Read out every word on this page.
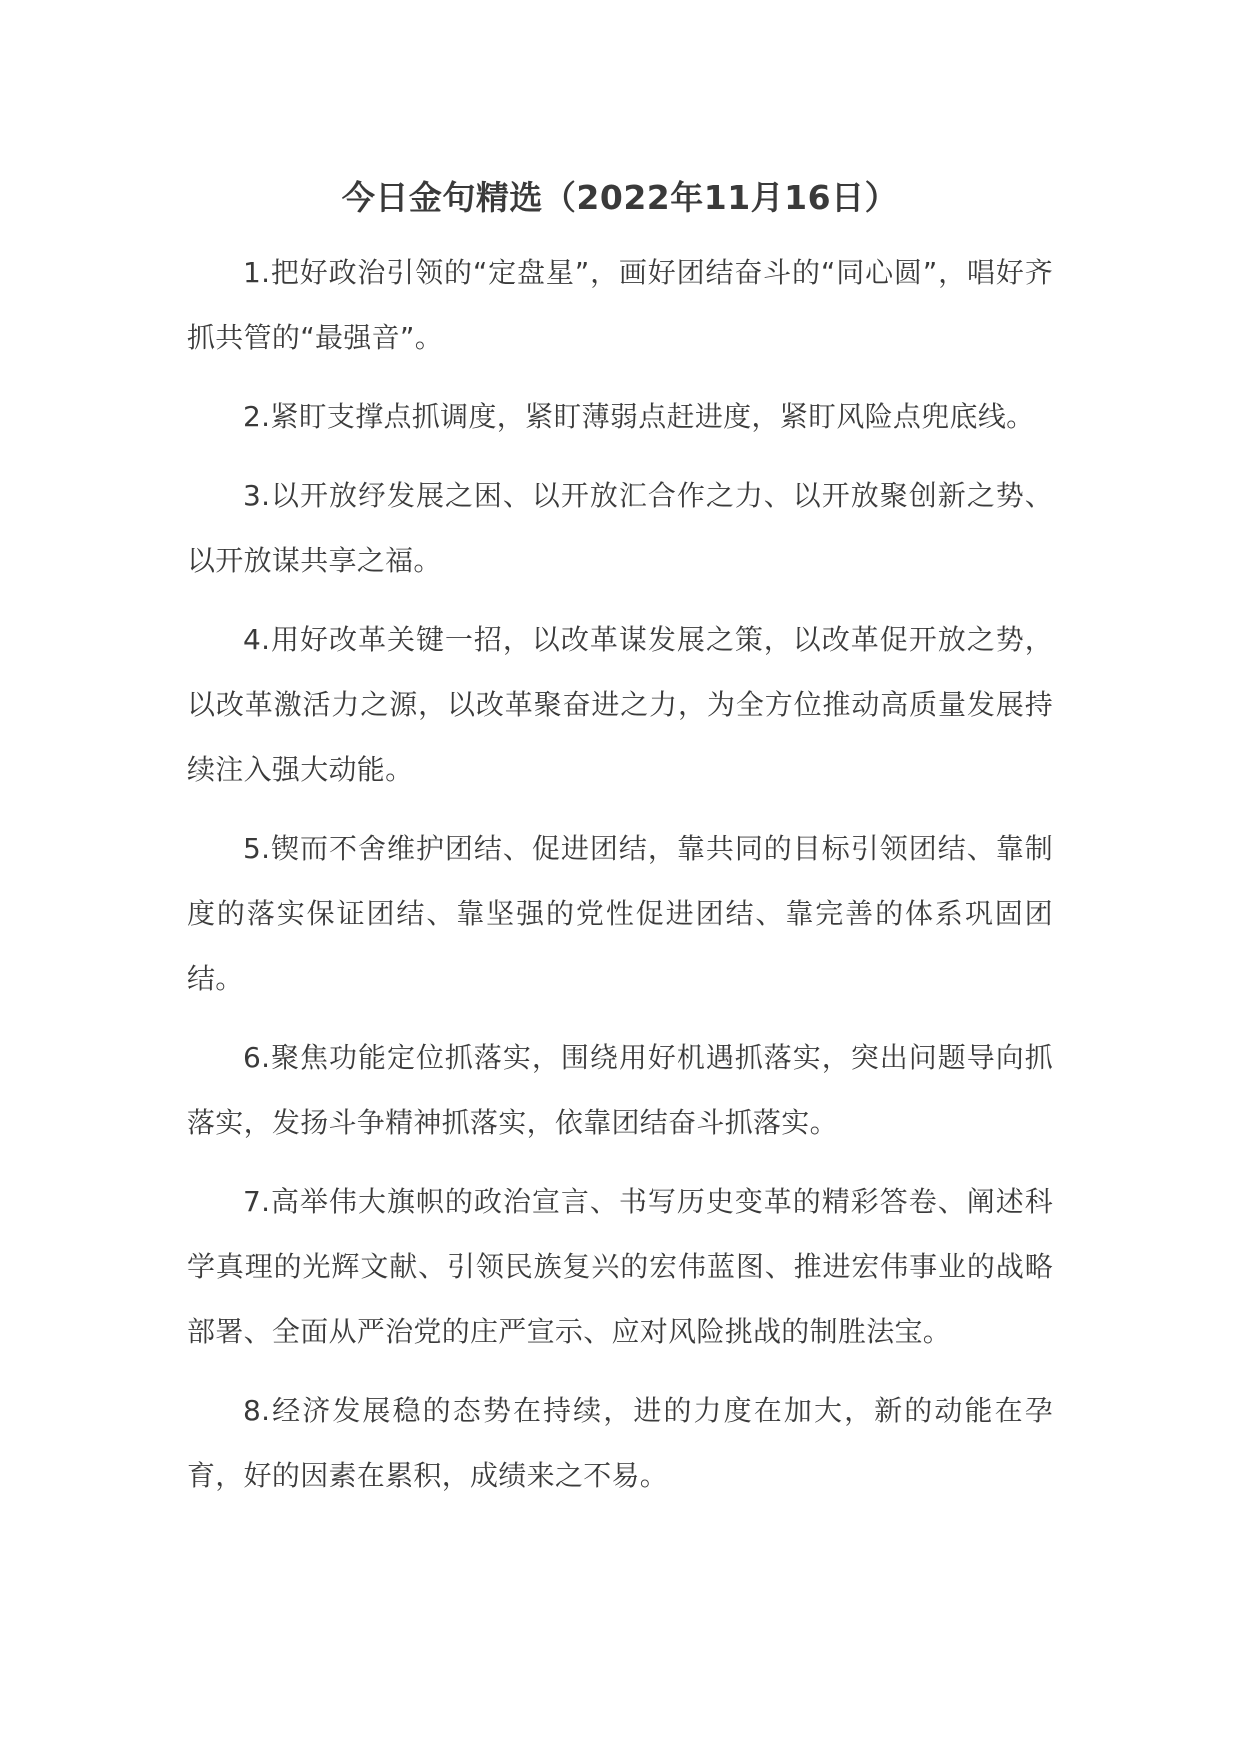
今日金句精选（2022年11月16日）

1.把好政治引领的“定盘星”，画好团结奋斗的“同心圆”，唱好齐抓共管的“最强音”。

2.紧盯支撑点抓调度，紧盯薄弱点赶进度，紧盯风险点兜底线。

3.以开放纾发展之困、以开放汇合作之力、以开放聚创新之势、以开放谋共享之福。

4.用好改革关键一招，以改革谋发展之策，以改革促开放之势，以改革激活力之源，以改革聚奋进之力，为全方位推动高质量发展持续注入强大动能。

5.锲而不舍维护团结、促进团结，靠共同的目标引领团结、靠制度的落实保证团结、靠坚强的党性促进团结、靠完善的体系巩固团结。

6.聚焦功能定位抓落实，围绕用好机遇抓落实，突出问题导向抓落实，发扬斗争精神抓落实，依靠团结奋斗抓落实。

7.高举伟大旗帜的政治宣言、书写历史变革的精彩答卷、阐述科学真理的光辉文献、引领民族复兴的宏伟蓝图、推进宏伟事业的战略部署、全面从严治党的庄严宣示、应对风险挑战的制胜法宝。

8.经济发展稳的态势在持续，进的力度在加大，新的动能在孕育，好的因素在累积，成绩来之不易。
